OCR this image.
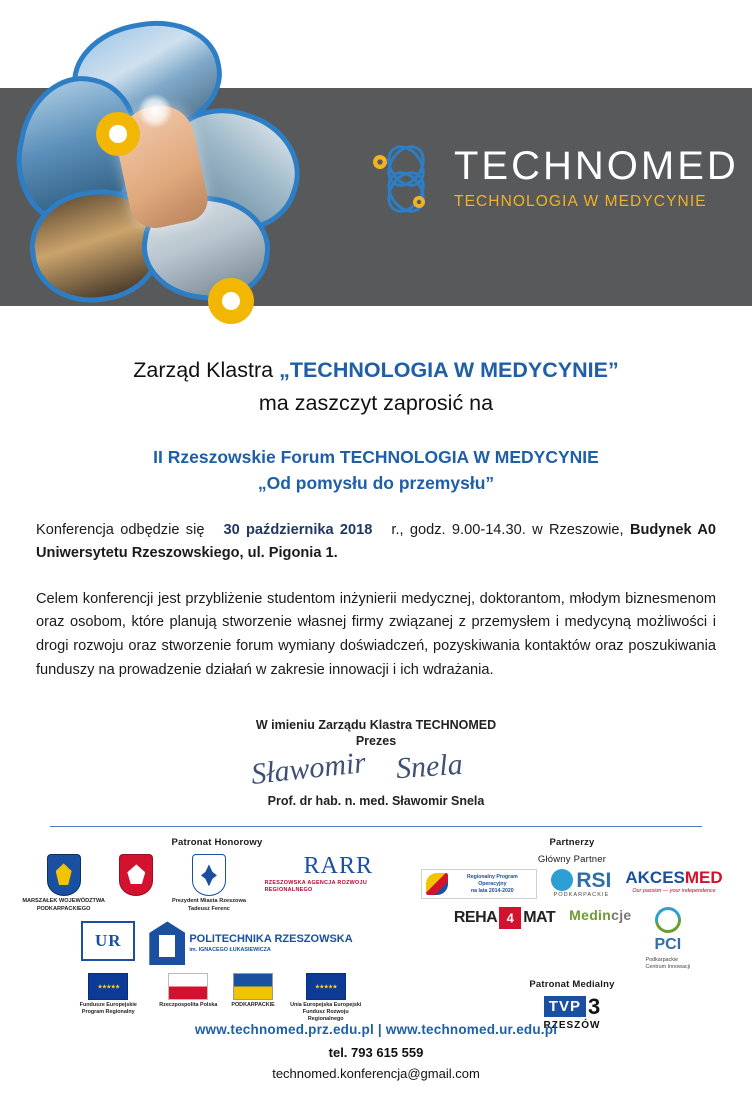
TECHNOMED
TECHNOLOGIA W MEDYCYNIE
Zarząd Klastra „TECHNOLOGIA W MEDYCYNIE”
ma zaszczyt zaprosić na
II Rzeszowskie Forum TECHNOLOGIA W MEDYCYNIE
„Od pomysłu do przemysłu”
Konferencja odbędzie się 30 października 2018 r., godz. 9.00-14.30. w Rzeszowie, Budynek A0 Uniwersytetu Rzeszowskiego, ul. Pigonia 1.
Celem konferencji jest przybliżenie studentom inżynierii medycznej, doktorantom, młodym biznesmenom oraz osobom, które planują stworzenie własnej firmy związanej z przemysłem i medycyną możliwości i drogi rozwoju oraz stworzenie forum wymiany doświadczeń, pozyskiwania kontaktów oraz poszukiwania funduszy na prowadzenie działań w zakresie innowacji i ich wdrażania.
W imieniu Zarządu Klastra TECHNOMED
Prezes
Sławomir Snela
Prof. dr hab. n. med. Sławomir Snela
Patronat Honorowy
MARSZAŁEK WOJEWÓDZTWA PODKARPACKIEGO
Prezydent Miasta Rzeszowa Tadeusz Ferenc
RARR
RZESZOWSKA AGENCJA ROZWOJU REGIONALNEGO
UR	POLITECHNIKA RZESZOWSKA
im. IGNACEGO ŁUKASIEWICZA
★★★★★
Fundusze Europejskie Program Regionalny
Rzeczpospolita Polska	PODKARPACKIE
★★★★★	Unia Europejska Europejski Fundusz Rozwoju Regionalnego
Partnerzy
Główny Partner
Regionalny Program Operacyjny
na lata 2014-2020	RSI
PODKARPACKIE
AKCESMED
Our passion — your independence
REHA 4 MAT Medincje
PCI
Podkarpackie
Centrum Innowacji
Patronat Medialny
TVP 3
RZESZÓW
www.technomed.prz.edu.pl | www.technomed.ur.edu.pl
tel. 793 615 559
technomed.konferencja@gmail.com
